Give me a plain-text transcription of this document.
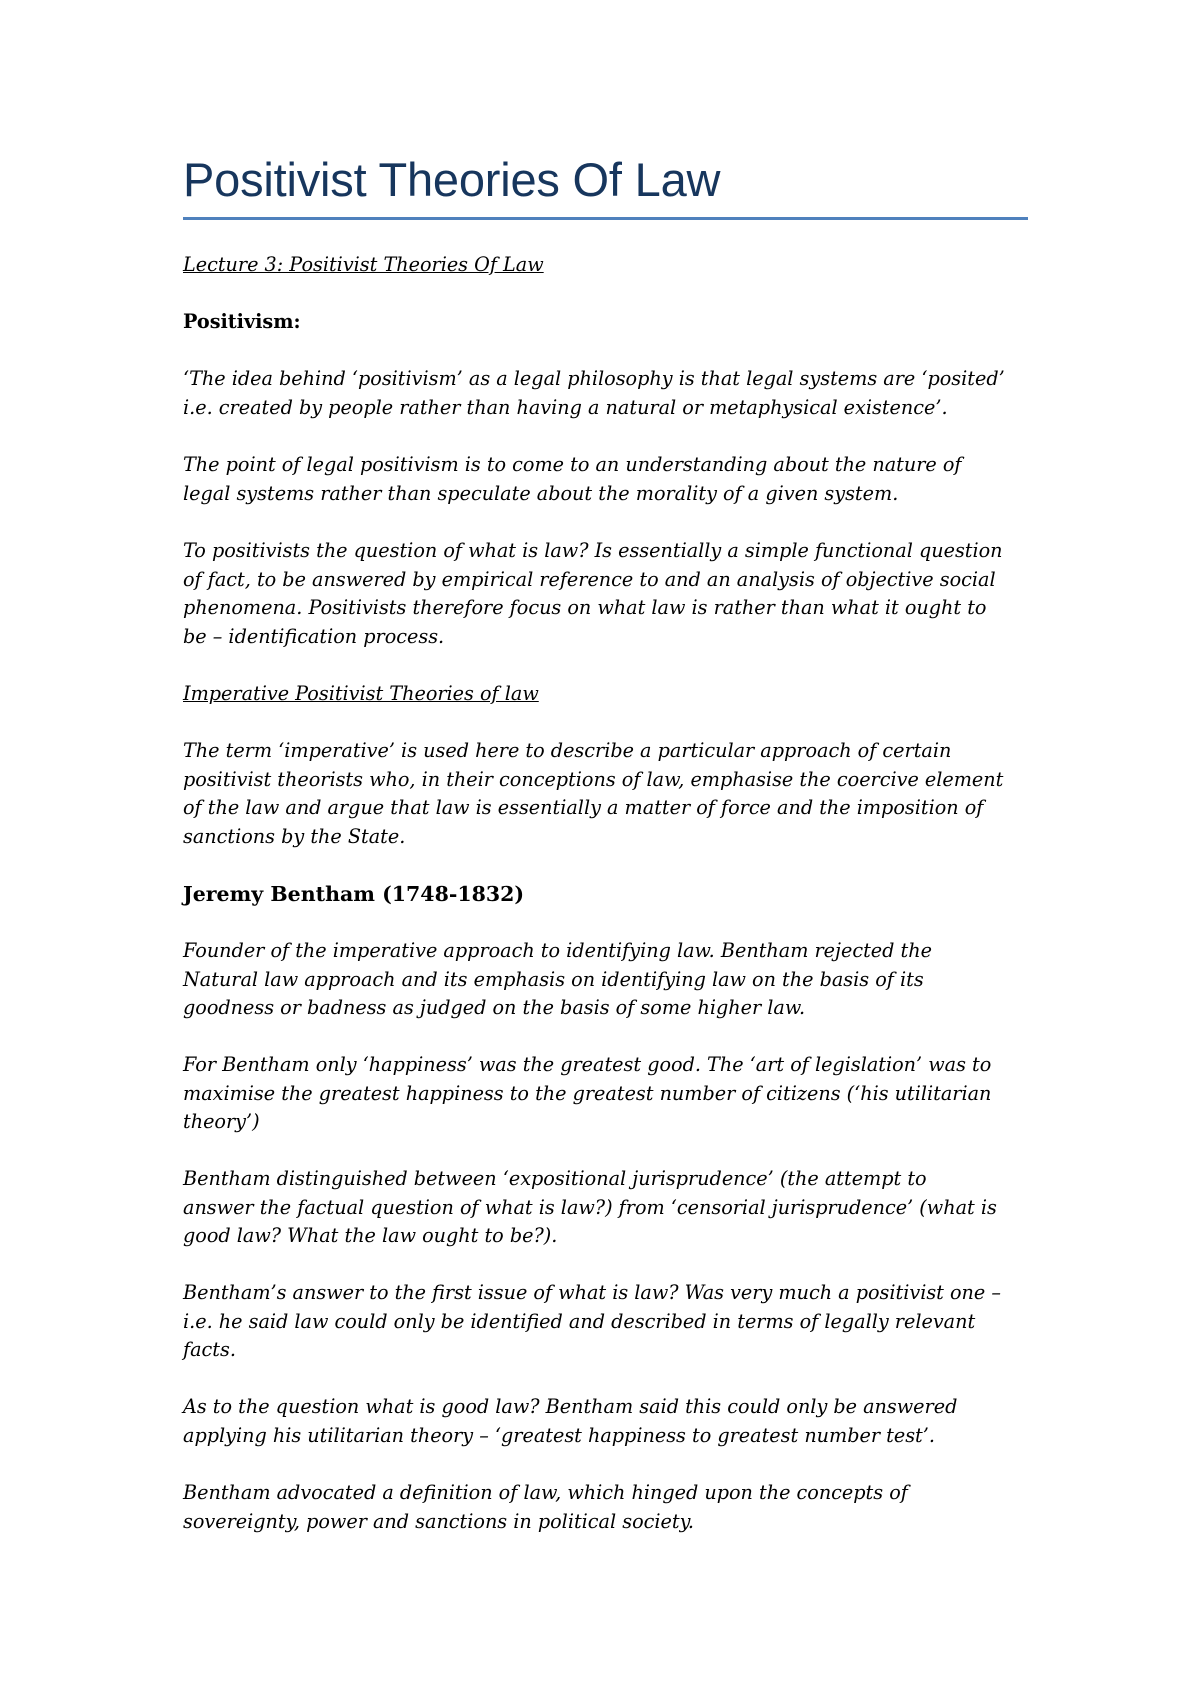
Positivist Theories Of Law
Lecture 3: Positivist Theories Of Law
Positivism:
‘The idea behind ‘positivism’ as a legal philosophy is that legal systems are ‘posited’
i.e. created by people rather than having a natural or metaphysical existence’.
The point of legal positivism is to come to an understanding about the nature of
legal systems rather than speculate about the morality of a given system.
To positivists the question of what is law? Is essentially a simple functional question
of fact, to be answered by empirical reference to and an analysis of objective social
phenomena. Positivists therefore focus on what law is rather than what it ought to
be – identification process.
Imperative Positivist Theories of law
The term ‘imperative’ is used here to describe a particular approach of certain
positivist theorists who, in their conceptions of law, emphasise the coercive element
of the law and argue that law is essentially a matter of force and the imposition of
sanctions by the State.
Jeremy Bentham (1748-1832)
Founder of the imperative approach to identifying law. Bentham rejected the
Natural law approach and its emphasis on identifying law on the basis of its
goodness or badness as judged on the basis of some higher law.
For Bentham only ‘happiness’ was the greatest good. The ‘art of legislation’ was to
maximise the greatest happiness to the greatest number of citizens (‘his utilitarian
theory’)
Bentham distinguished between ‘expositional jurisprudence’ (the attempt to
answer the factual question of what is law?) from ‘censorial jurisprudence’ (what is
good law? What the law ought to be?).
Bentham’s answer to the first issue of what is law? Was very much a positivist one –
i.e. he said law could only be identified and described in terms of legally relevant
facts.
As to the question what is good law? Bentham said this could only be answered
applying his utilitarian theory – ‘greatest happiness to greatest number test’.
Bentham advocated a definition of law, which hinged upon the concepts of
sovereignty, power and sanctions in political society.
